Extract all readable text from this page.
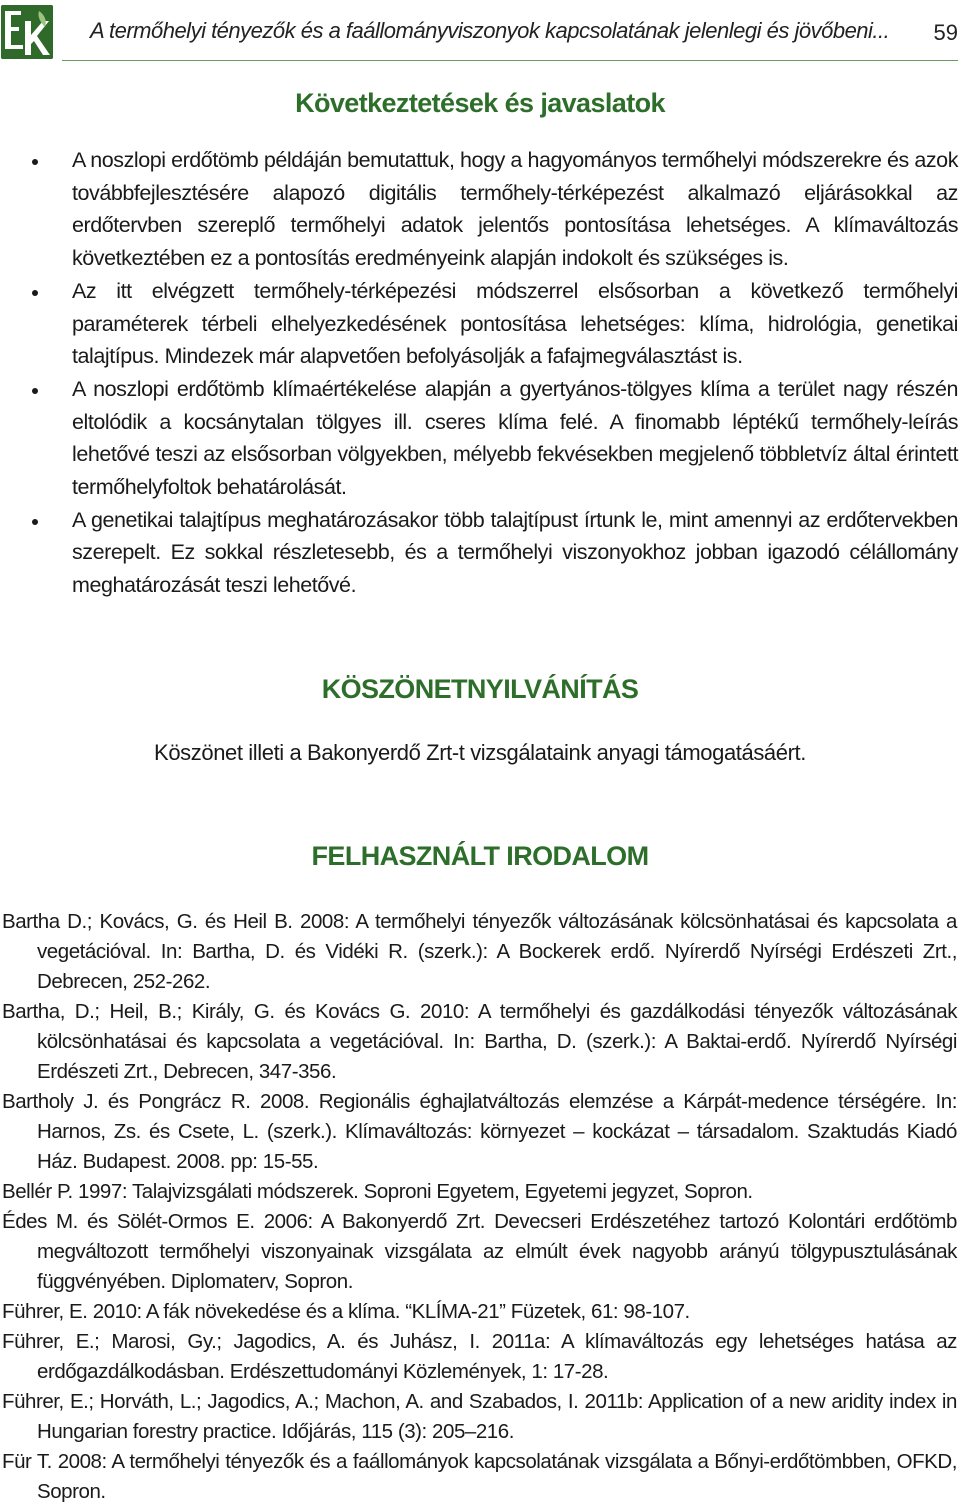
A termőhelyi tényezők és a faállományviszonyok kapcsolatának jelenlegi és jövőbeni... 59
Következtetések és javaslatok
A noszlopi erdőtömb példáján bemutattuk, hogy a hagyományos termőhelyi módszerekre és azok továbbfejlesztésére alapozó digitális termőhely-térképezést alkalmazó eljárásokkal az erdőtervben szereplő termőhelyi adatok jelentős pontosítása lehetséges. A klímaváltozás következtében ez a pontosítás eredményeink alapján indokolt és szükséges is.
Az itt elvégzett termőhely-térképezési módszerrel elsősorban a következő termőhelyi paraméterek térbeli elhelyezkedésének pontosítása lehetséges: klíma, hidrológia, genetikai talajtípus. Mindezek már alapvetően befolyásolják a fafajmegválasztást is.
A noszlopi erdőtömb klímaértékelése alapján a gyertyános-tölgyes klíma a terület nagy részén eltolódik a kocsánytalan tölgyes ill. cseres klíma felé. A finomabb léptékű termőhely-leírás lehetővé teszi az elsősorban völgyekben, mélyebb fekvésekben megjelenő többletvíz által érintett termőhelyfoltok behatárolását.
A genetikai talajtípus meghatározásakor több talajtípust írtunk le, mint amennyi az erdőtervekben szerepelt. Ez sokkal részletesebb, és a termőhelyi viszonyokhoz jobban igazodó célállomány meghatározását teszi lehetővé.
KÖSZÖNETNYILVÁNÍTÁS
Köszönet illeti a Bakonyerdő Zrt-t vizsgálataink anyagi támogatásáért.
FELHASZNÁLT IRODALOM
Bartha D.; Kovács, G. és Heil B. 2008: A termőhelyi tényezők változásának kölcsönhatásai és kapcsolata a vegetációval. In: Bartha, D. és Vidéki R. (szerk.): A Bockerek erdő. Nyírerdő Nyírségi Erdészeti Zrt., Debrecen, 252-262.
Bartha, D.; Heil, B.; Király, G. és Kovács G. 2010: A termőhelyi és gazdálkodási tényezők változásának kölcsönhatásai és kapcsolata a vegetációval. In: Bartha, D. (szerk.): A Baktai-erdő. Nyírerdő Nyírségi Erdészeti Zrt., Debrecen, 347-356.
Bartholy J. és Pongrácz R. 2008. Regionális éghajlatváltozás elemzése a Kárpát-medence térségére. In: Harnos, Zs. és Csete, L. (szerk.). Klímaváltozás: környezet – kockázat – társadalom. Szaktudás Kiadó Ház. Budapest. 2008. pp: 15-55.
Bellér P. 1997: Talajvizsgálati módszerek. Soproni Egyetem, Egyetemi jegyzet, Sopron.
Édes M. és Sölét-Ormos E. 2006: A Bakonyerdő Zrt. Devecseri Erdészetéhez tartozó Kolontári erdőtömb megváltozott termőhelyi viszonyainak vizsgálata az elmúlt évek nagyobb arányú tölgypusztulásának függvényében. Diplomaterv, Sopron.
Führer, E. 2010: A fák növekedése és a klíma. “KLÍMA-21” Füzetek, 61: 98-107.
Führer, E.; Marosi, Gy.; Jagodics, A. és Juhász, I. 2011a: A klímaváltozás egy lehetséges hatása az erdőgazdálkodásban. Erdészettudományi Közlemények, 1: 17-28.
Führer, E.; Horváth, L.; Jagodics, A.; Machon, A. and Szabados, I. 2011b: Application of a new aridity index in Hungarian forestry practice. Időjárás, 115 (3): 205–216.
Für T. 2008: A termőhelyi tényezők és a faállományok kapcsolatának vizsgálata a Bőnyi-erdőtömbben, OFKD, Sopron.
